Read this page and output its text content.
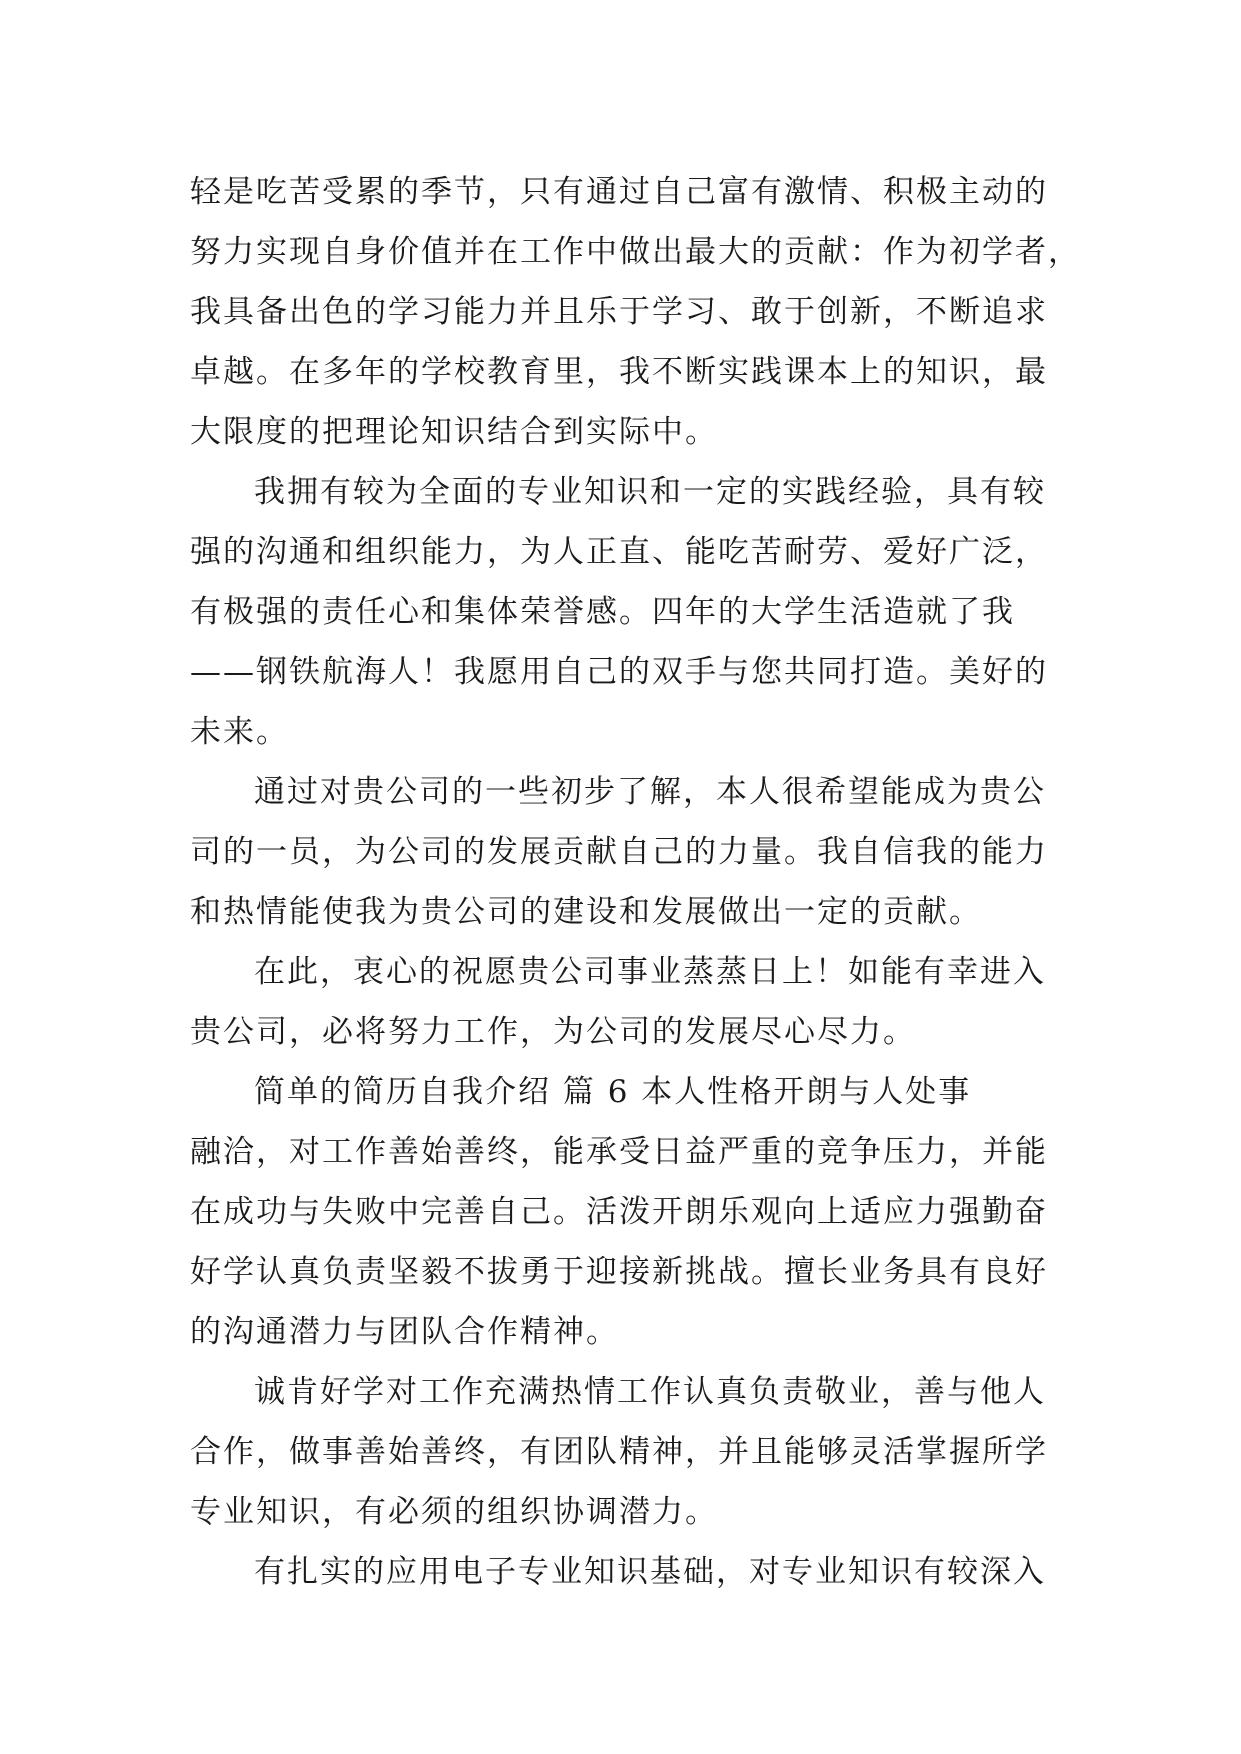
轻是吃苦受累的季节，只有通过自己富有激情、积极主动的
努力实现自身价值并在工作中做出最大的贡献：作为初学者，
我具备出色的学习能力并且乐于学习、敢于创新，不断追求
卓越。在多年的学校教育里，我不断实践课本上的知识，最
大限度的把理论知识结合到实际中。
我拥有较为全面的专业知识和一定的实践经验，具有较
强的沟通和组织能力，为人正直、能吃苦耐劳、爱好广泛，
有极强的责任心和集体荣誉感。四年的大学生活造就了我
——钢铁航海人！我愿用自己的双手与您共同打造。美好的
未来。
通过对贵公司的一些初步了解，本人很希望能成为贵公
司的一员，为公司的发展贡献自己的力量。我自信我的能力
和热情能使我为贵公司的建设和发展做出一定的贡献。
在此，衷心的祝愿贵公司事业蒸蒸日上！如能有幸进入
贵公司，必将努力工作，为公司的发展尽心尽力。
简单的简历自我介绍 篇 6 本人性格开朗与人处事
融洽，对工作善始善终，能承受日益严重的竞争压力，并能
在成功与失败中完善自己。活泼开朗乐观向上适应力强勤奋
好学认真负责坚毅不拔勇于迎接新挑战。擅长业务具有良好
的沟通潜力与团队合作精神。
诚肯好学对工作充满热情工作认真负责敬业，善与他人
合作，做事善始善终，有团队精神，并且能够灵活掌握所学
专业知识，有必须的组织协调潜力。
有扎实的应用电子专业知识基础，对专业知识有较深入
